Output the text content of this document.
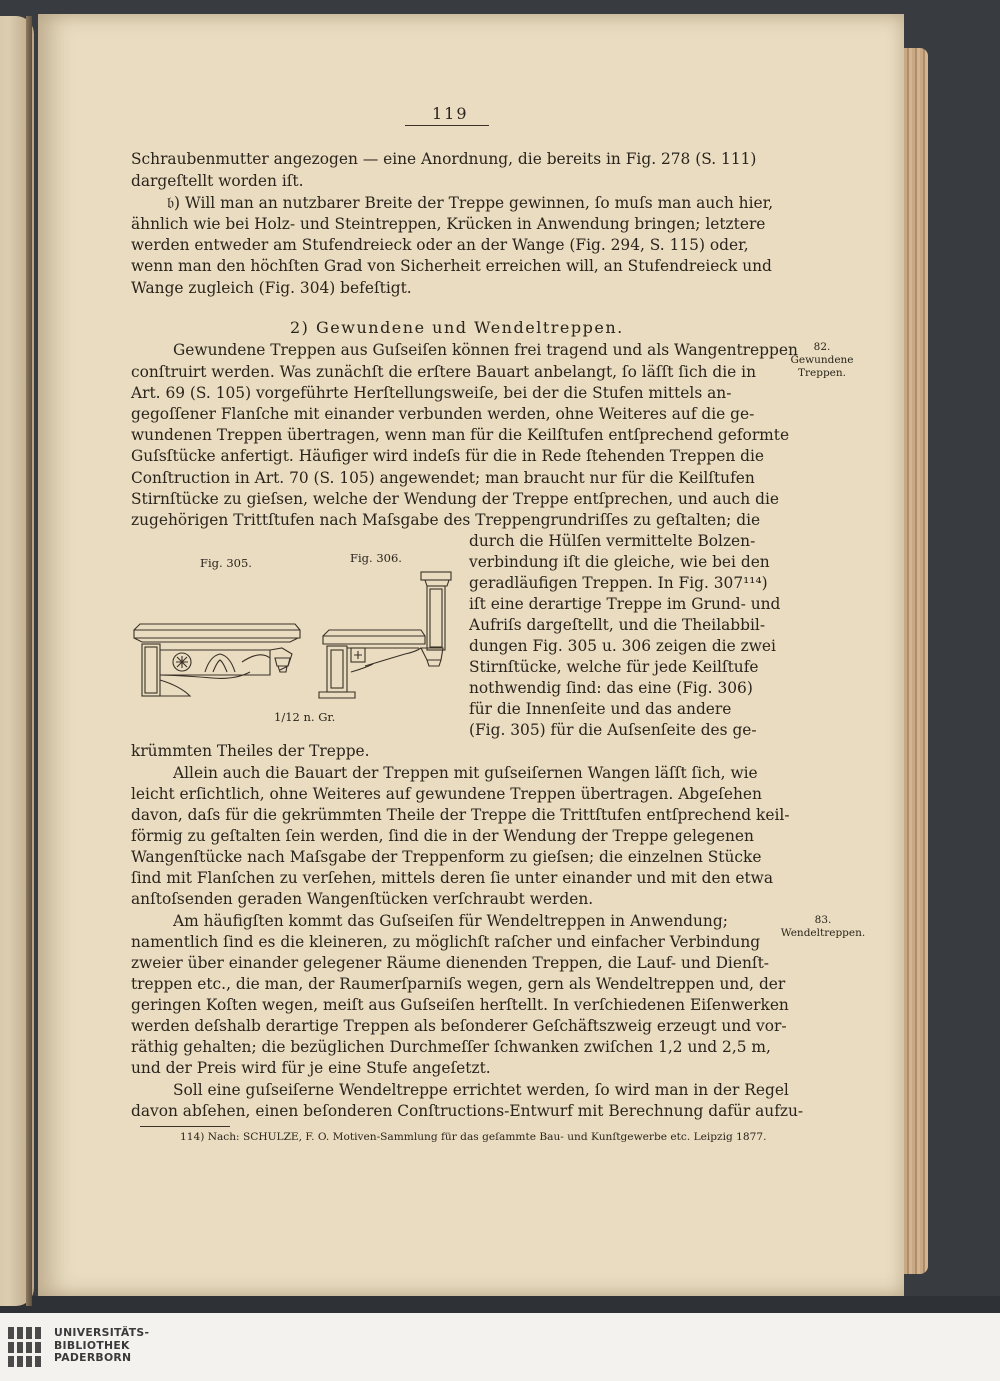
119
Schraubenmutter angezogen — eine Anordnung, die bereits in Fig. 278 (S. 111)
dargeſtellt worden iſt.
𝔟) Will man an nutzbarer Breite der Treppe gewinnen, ſo muſs man auch hier,
ähnlich wie bei Holz- und Steintreppen, Krücken in Anwendung bringen; letztere
werden entweder am Stufendreieck oder an der Wange (Fig. 294, S. 115) oder,
wenn man den höchſten Grad von Sicherheit erreichen will, an Stufendreieck und
Wange zugleich (Fig. 304) befeſtigt.
2) Gewundene und Wendeltreppen.
Gewundene Treppen aus Guſseiſen können frei tragend und als Wangentreppen
conſtruirt werden. Was zunächſt die erſtere Bauart anbelangt, ſo läſſt ſich die in
Art. 69 (S. 105) vorgeführte Herſtellungsweiſe, bei der die Stufen mittels an-
gegoſſener Flanſche mit einander verbunden werden, ohne Weiteres auf die ge-
wundenen Treppen übertragen, wenn man für die Keilſtufen entſprechend geformte
Guſsſtücke anfertigt. Häufiger wird indeſs für die in Rede ſtehenden Treppen die
Conſtruction in Art. 70 (S. 105) angewendet; man braucht nur für die Keilſtufen
Stirnſtücke zu gieſsen, welche der Wendung der Treppe entſprechen, und auch die
zugehörigen Trittſtufen nach Maſsgabe des Treppengrundriſſes zu geſtalten; die
durch die Hülſen vermittelte Bolzen-
verbindung iſt die gleiche, wie bei den
geradläufigen Treppen. In Fig. 307¹¹⁴)
iſt eine derartige Treppe im Grund- und
Aufriſs dargeſtellt, und die Theilabbil-
dungen Fig. 305 u. 306 zeigen die zwei
Stirnſtücke, welche für jede Keilſtufe
nothwendig ſind: das eine (Fig. 306)
für die Innenſeite und das andere
(Fig. 305) für die Auſsenſeite des ge-
krümmten Theiles der Treppe.
Fig. 305.	Fig. 306.
1/12 n. Gr.
Allein auch die Bauart der Treppen mit guſseiſernen Wangen läſſt ſich, wie
leicht erſichtlich, ohne Weiteres auf gewundene Treppen übertragen. Abgeſehen
davon, daſs für die gekrümmten Theile der Treppe die Trittſtufen entſprechend keil-
förmig zu geſtalten ſein werden, ſind die in der Wendung der Treppe gelegenen
Wangenſtücke nach Maſsgabe der Treppenform zu gieſsen; die einzelnen Stücke
ſind mit Flanſchen zu verſehen, mittels deren ſie unter einander und mit den etwa
anſtoſsenden geraden Wangenſtücken verſchraubt werden.
Am häufigſten kommt das Guſseiſen für Wendeltreppen in Anwendung;
namentlich ſind es die kleineren, zu möglichſt raſcher und einfacher Verbindung
zweier über einander gelegener Räume dienenden Treppen, die Lauf- und Dienſt-
treppen etc., die man, der Raumerſparniſs wegen, gern als Wendeltreppen und, der
geringen Koſten wegen, meiſt aus Guſseiſen herſtellt. In verſchiedenen Eiſenwerken
werden deſshalb derartige Treppen als beſonderer Geſchäftszweig erzeugt und vor-
räthig gehalten; die bezüglichen Durchmeſſer ſchwanken zwiſchen 1,2 und 2,5 m,
und der Preis wird für je eine Stufe angeſetzt.
Soll eine guſseiſerne Wendeltreppe errichtet werden, ſo wird man in der Regel
davon abſehen, einen beſonderen Conſtructions-Entwurf mit Berechnung dafür aufzu-
114) Nach: SCHULZE, F. O. Motiven-Sammlung für das geſammte Bau- und Kunſtgewerbe etc. Leipzig 1877.
82.
Gewundene
Treppen.
83.
Wendeltreppen.
UNIVERSITÄTS-
BIBLIOTHEK
PADERBORN
